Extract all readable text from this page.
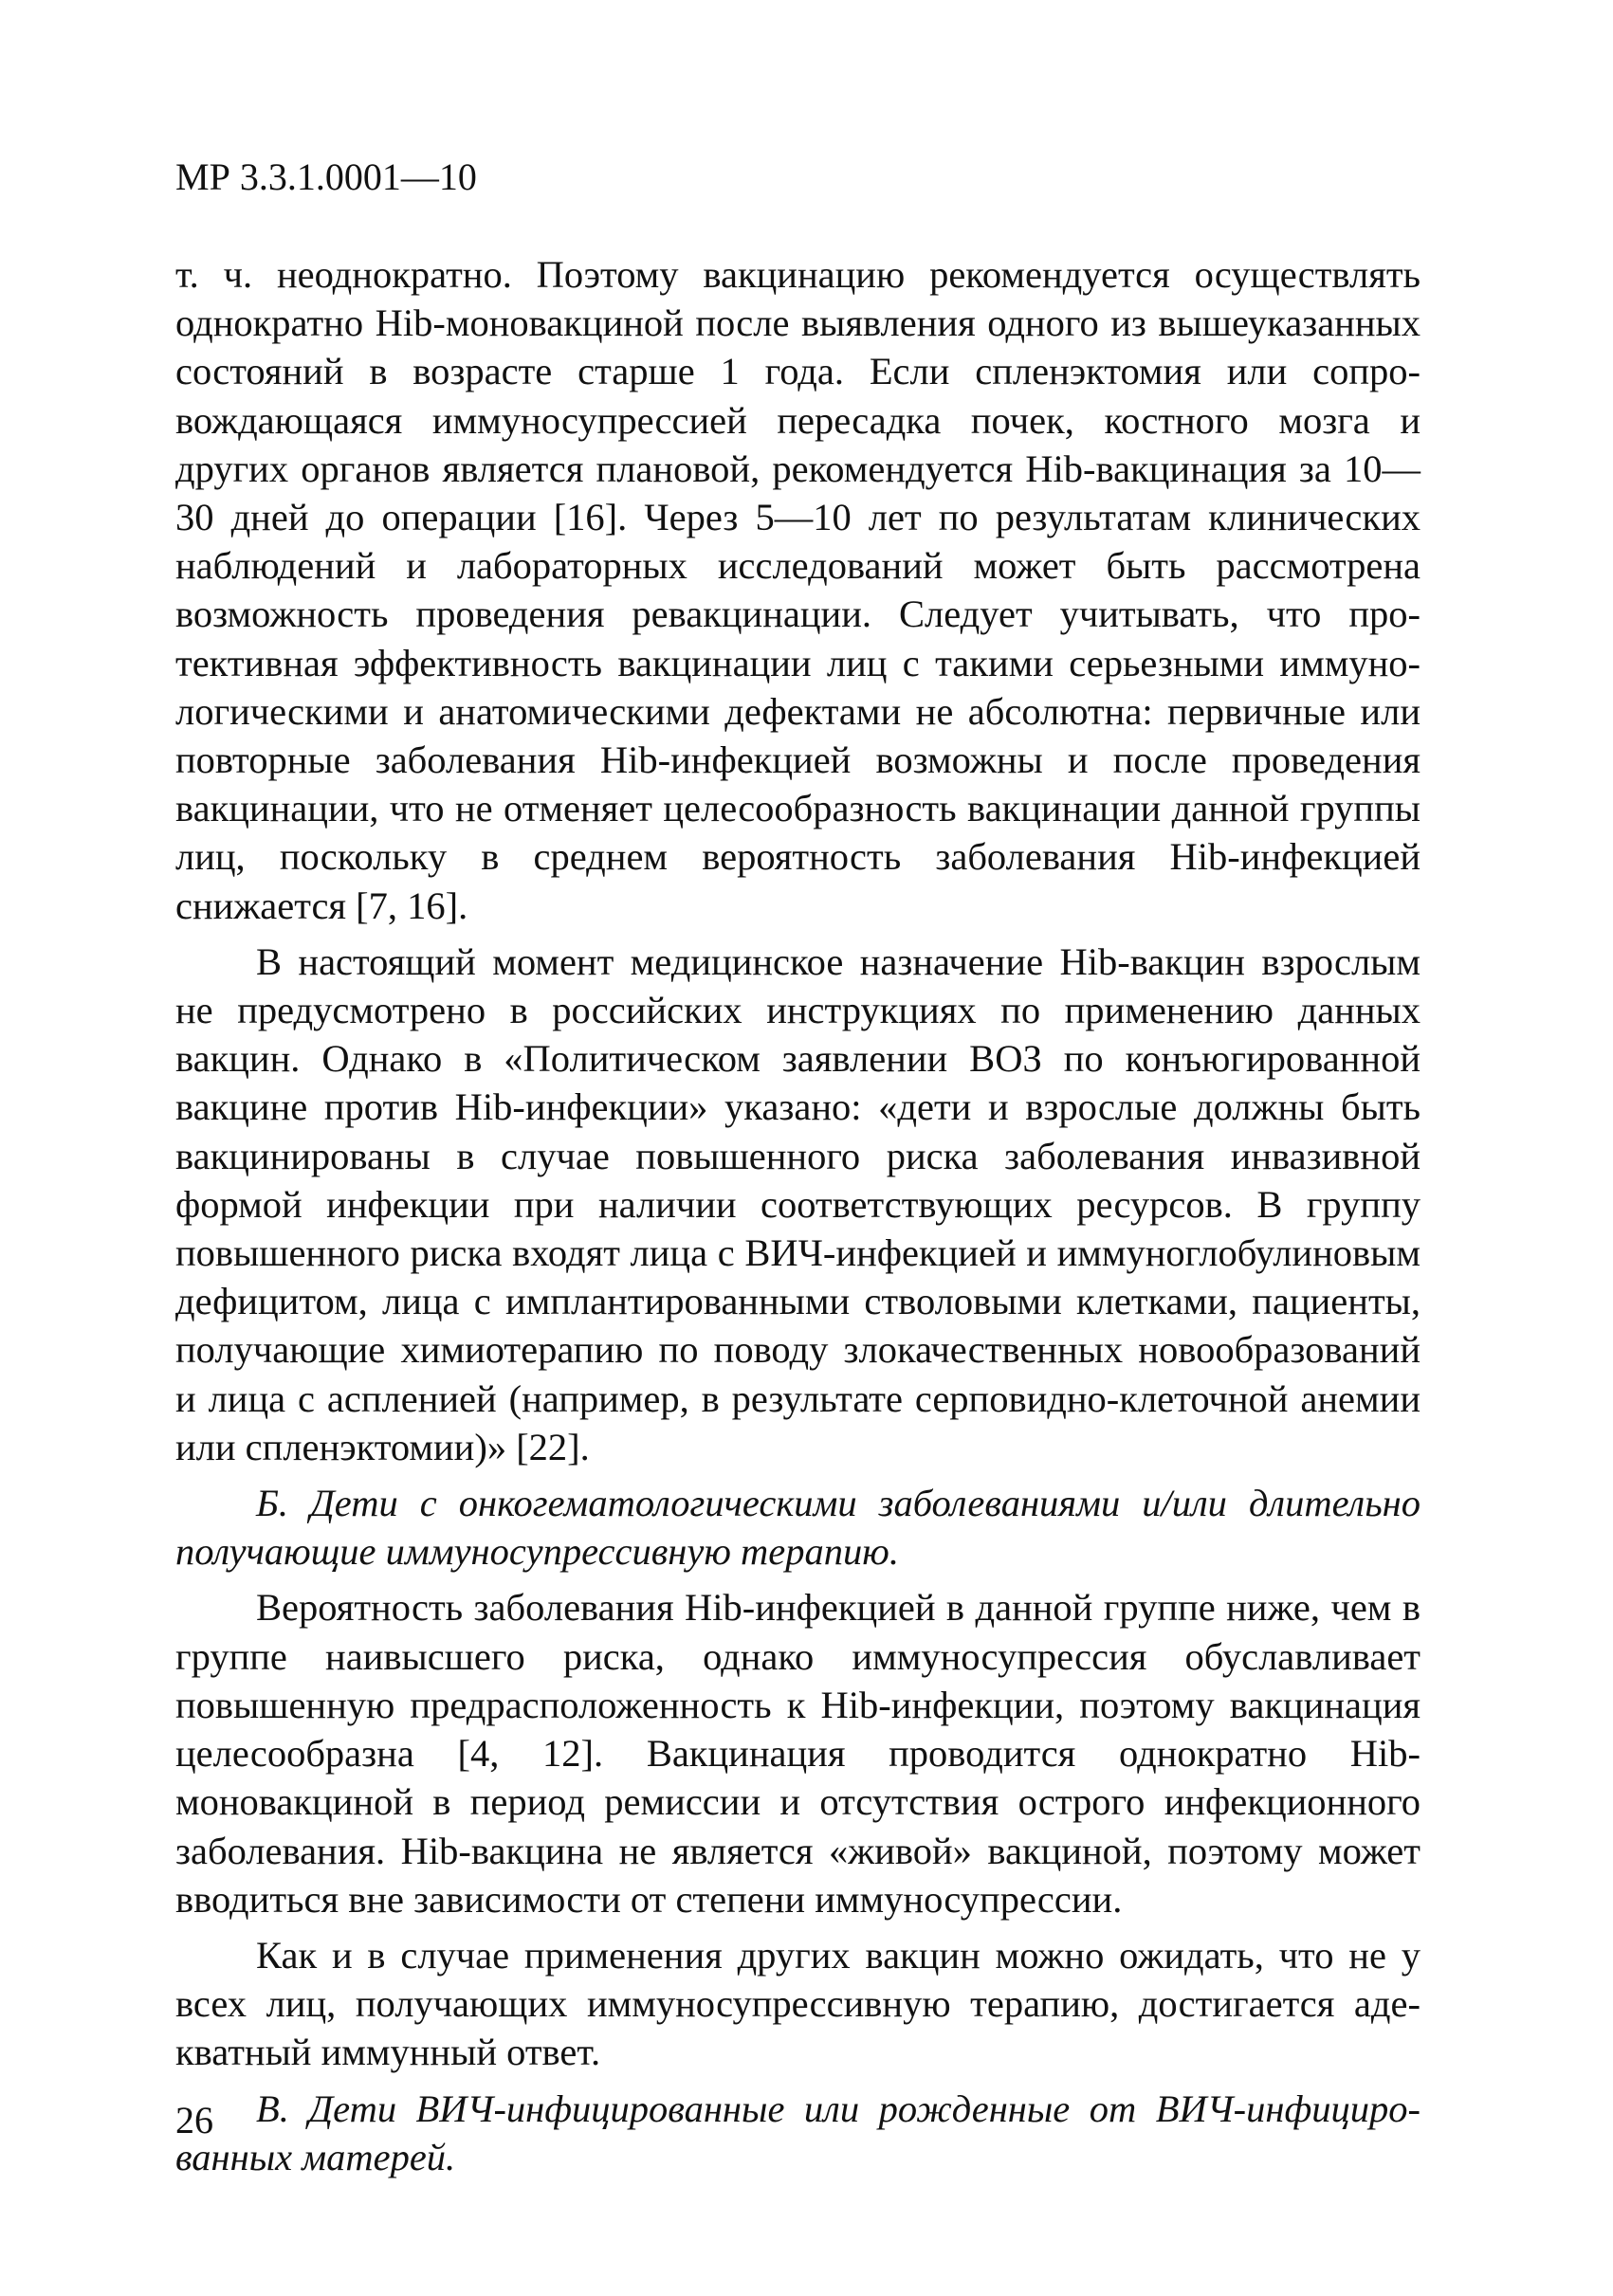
МР 3.3.1.0001—10

т. ч. неоднократно. Поэтому вакцинацию рекомендуется осуществлять однократно Hib-моновакциной после выявления одного из вышеуказанных состояний в возрасте старше 1 года. Если спленэктомия или сопровождающаяся иммуносупрессией пересадка почек, костного мозга и других органов является плановой, рекомендуется Hib-вакцинация за 10—30 дней до операции [16]. Через 5—10 лет по результатам клинических наблюдений и лабораторных исследований может быть рассмотрена возможность проведения ревакцинации. Следует учитывать, что протективная эффективность вакцинации лиц с такими серьезными иммунологическими и анатомическими дефектами не абсолютна: первичные или повторные заболевания Hib-инфекцией возможны и после проведения вакцинации, что не отменяет целесообразность вакцинации данной группы лиц, поскольку в среднем вероятность заболевания Hib-инфекцией снижается [7, 16].

В настоящий момент медицинское назначение Hib-вакцин взрослым не предусмотрено в российских инструкциях по применению данных вакцин. Однако в «Политическом заявлении ВОЗ по конъюгированной вакцине против Hib-инфекции» указано: «дети и взрослые должны быть вакцинированы в случае повышенного риска заболевания инвазивной формой инфекции при наличии соответствующих ресурсов. В группу повышенного риска входят лица с ВИЧ-инфекцией и иммуноглобулиновым дефицитом, лица с имплантированными стволовыми клетками, пациенты, получающие химиотерапию по поводу злокачественных новообразований и лица с аспленией (например, в результате серповидно-клеточной анемии или спленэктомии)» [22].

Б. Дети с онкогематологическими заболеваниями и/или длительно получающие иммуносупрессивную терапию.

Вероятность заболевания Hib-инфекцией в данной группе ниже, чем в группе наивысшего риска, однако иммуносупрессия обуславливает повышенную предрасположенность к Hib-инфекции, поэтому вакцинация целесообразна [4, 12]. Вакцинация проводится однократно Hib-моновакциной в период ремиссии и отсутствия острого инфекционного заболевания. Hib-вакцина не является «живой» вакциной, поэтому может вводиться вне зависимости от степени иммуносупрессии.

Как и в случае применения других вакцин можно ожидать, что не у всех лиц, получающих иммуносупрессивную терапию, достигается адекватный иммунный ответ.

В. Дети ВИЧ-инфицированные или рожденные от ВИЧ-инфицированных матерей.

26
